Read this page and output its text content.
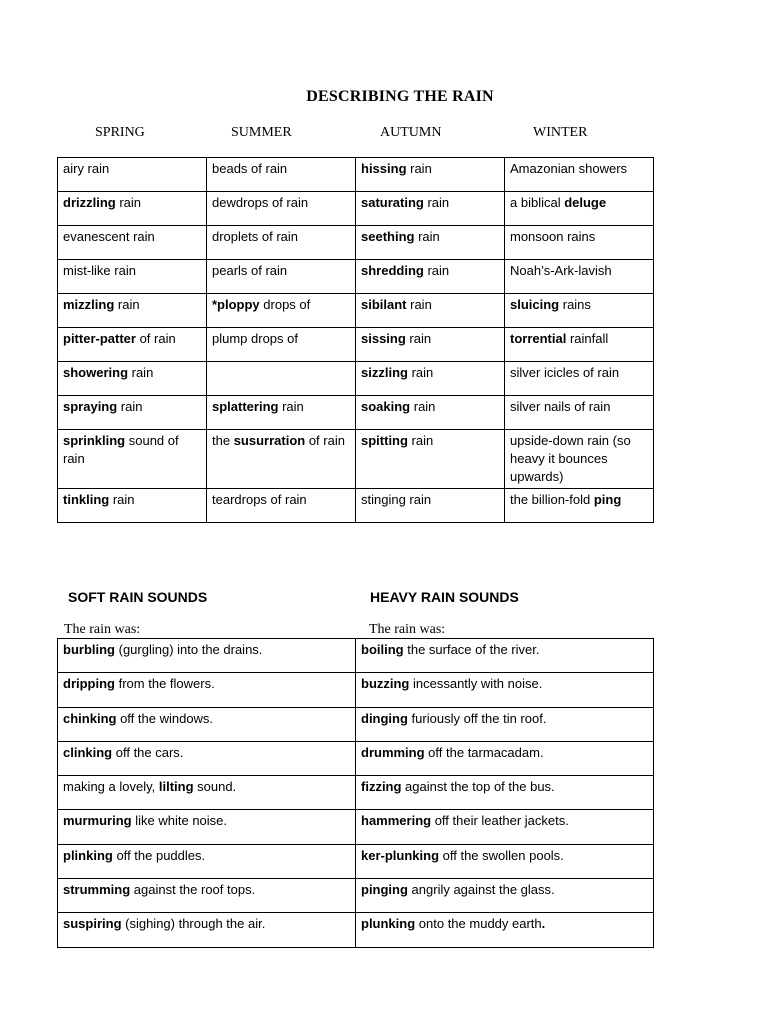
DESCRIBING THE RAIN
SPRING	SUMMER	AUTUMN	WINTER
airy rain	beads of rain	hissing rain	Amazonian showers
drizzling rain	dewdrops of rain	saturating rain	a biblical deluge
evanescent rain	droplets of rain	seething rain	monsoon rains
mist-like rain	pearls of rain	shredding rain	Noah’s-Ark-lavish
mizzling rain	*ploppy drops of	sibilant rain	sluicing rains
pitter-patter of rain	plump drops of	sissing rain	torrential rainfall
showering rain		sizzling rain	silver icicles of rain
spraying rain	splattering rain	soaking rain	silver nails of rain
sprinkling sound of rain	the susurration of rain	spitting rain	upside-down rain (so heavy it bounces upwards)
tinkling rain	teardrops of rain	stinging rain	the billion-fold ping
SOFT RAIN SOUNDS	HEAVY RAIN SOUNDS
The rain was:	The rain was:
burbling (gurgling) into the drains.	boiling the surface of the river.
dripping from the flowers.	buzzing incessantly with noise.
chinking off the windows.	dinging furiously off the tin roof.
clinking off the cars.	drumming off the tarmacadam.
making a lovely, lilting sound.	fizzing against the top of the bus.
murmuring like white noise.	hammering off their leather jackets.
plinking off the puddles.	ker-plunking off the swollen pools.
strumming against the roof tops.	pinging angrily against the glass.
suspiring (sighing) through the air.	plunking onto the muddy earth.
